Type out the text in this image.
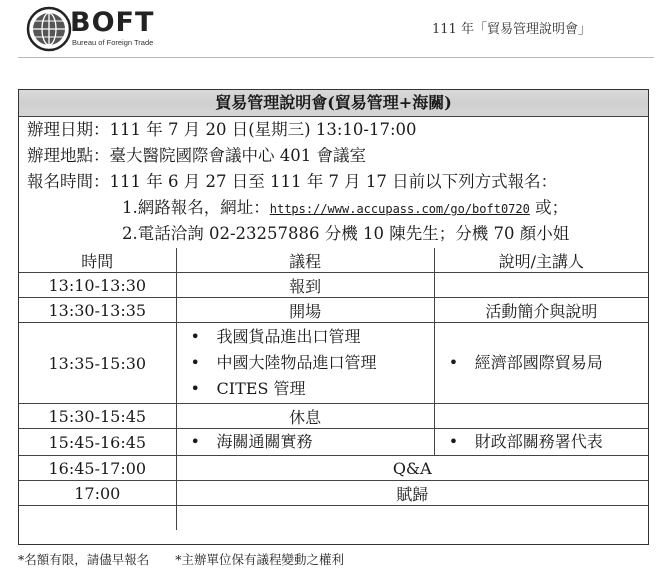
BOFT
Bureau of Foreign Trade
111 年「貿易管理說明會」
貿易管理說明會(貿易管理+海關)
辦理日期：111 年 7 月 20 日(星期三) 13:10-17:00
辦理地點：臺大醫院國際會議中心 401 會議室
報名時間：111 年 6 月 27 日至 111 年 7 月 17 日前以下列方式報名：
1.網路報名，網址：https://www.accupass.com/go/boft0720 或；
2.電話洽詢 02-23257886 分機 10 陳先生；分機 70 顏小姐
時間	議程	說明/主講人
13:10-13:30	報到	
13:30-13:35	開場	活動簡介與說明
13:35-15:30	• 我國貨品進出口管理
• 中國大陸物品進口管理
• CITES 管理	• 經濟部國際貿易局

15:30-15:45	休息	
15:45-16:45	• 海關通關實務	• 財政部關務署代表

16:45-17:00	Q&A	
17:00	賦歸	

*名額有限，請儘早報名 *主辦單位保有議程變動之權利
